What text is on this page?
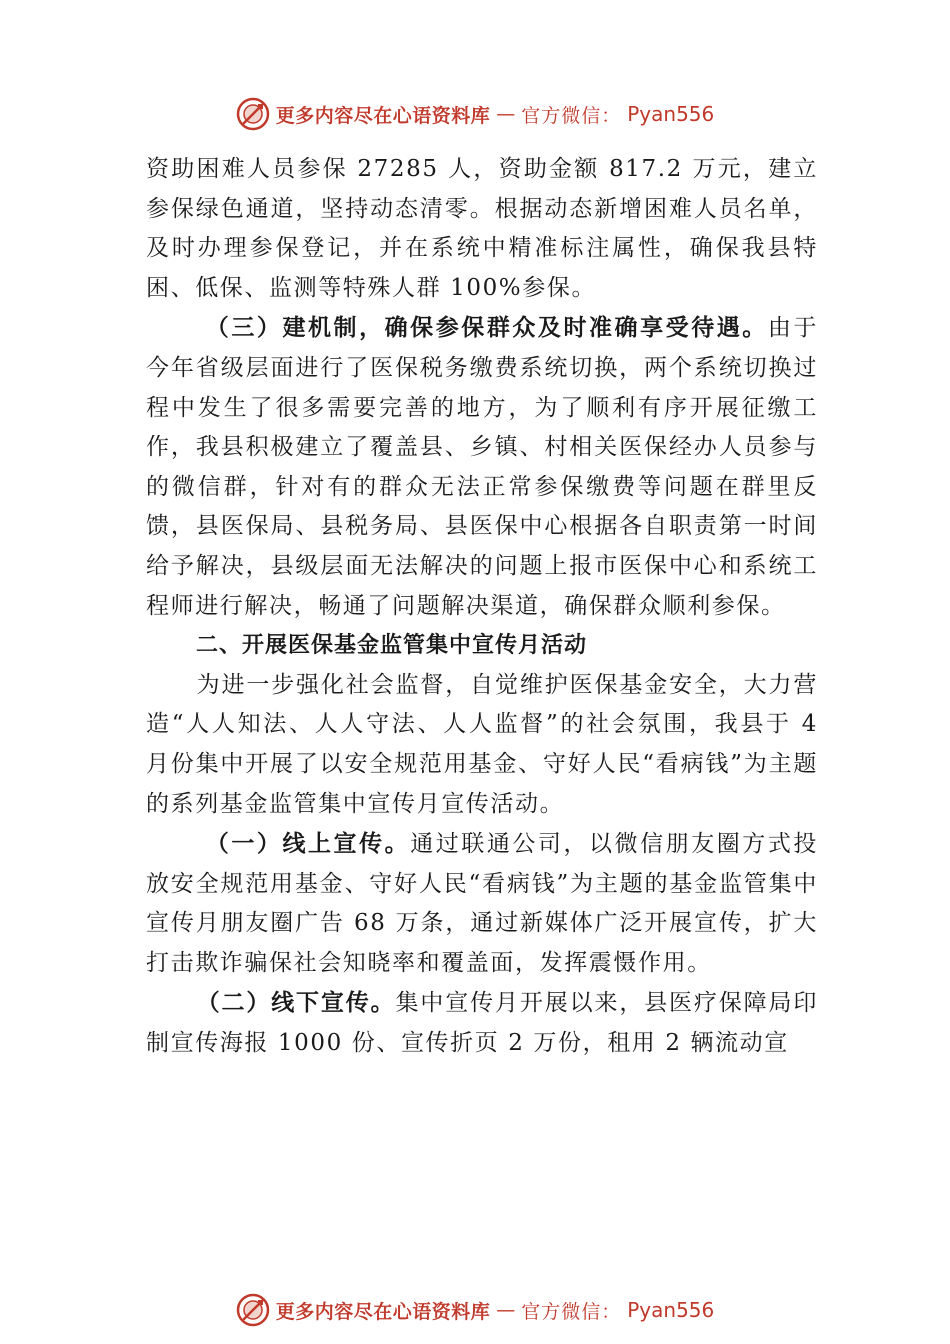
更多内容尽在心语资料库 — 官方微信： Pyan556

资助困难人员参保 27285 人，资助金额 817.2 万元，建立参保绿色通道，坚持动态清零。根据动态新增困难人员名单， 及时办理参保登记，并在系统中精准标注属性，确保我县特困、低保、监测等特殊人群 100%参保。

（三）建机制，确保参保群众及时准确享受待遇。由于今年省级层面进行了医保税务缴费系统切换，两个系统切换过程中发生了很多需要完善的地方，为了顺利有序开展征缴工作，我县积极建立了覆盖县、乡镇、村相关医保经办人员参与的微信群，针对有的群众无法正常参保缴费等问题在群里反馈，县医保局、县税务局、县医保中心根据各自职责第一时间给予解决，县级层面无法解决的问题上报市医保中心和系统工程师进行解决，畅通了问题解决渠道，确保群众顺利参保。

二、开展医保基金监管集中宣传月活动

为进一步强化社会监督，自觉维护医保基金安全，大力营造“人人知法、人人守法、人人监督”的社会氛围，我县于 4 月份集中开展了以安全规范用基金、守好人民“看病钱”为主题的系列基金监管集中宣传月宣传活动。

（一）线上宣传。通过联通公司，以微信朋友圈方式投放安全规范用基金、守好人民“看病钱”为主题的基金监管集中宣传月朋友圈广告 68 万条，通过新媒体广泛开展宣传，扩大打击欺诈骗保社会知晓率和覆盖面，发挥震慑作用。

（二）线下宣传。集中宣传月开展以来，县医疗保障局印制宣传海报 1000 份、宣传折页 2 万份，租用 2 辆流动宣

更多内容尽在心语资料库 — 官方微信： Pyan556
